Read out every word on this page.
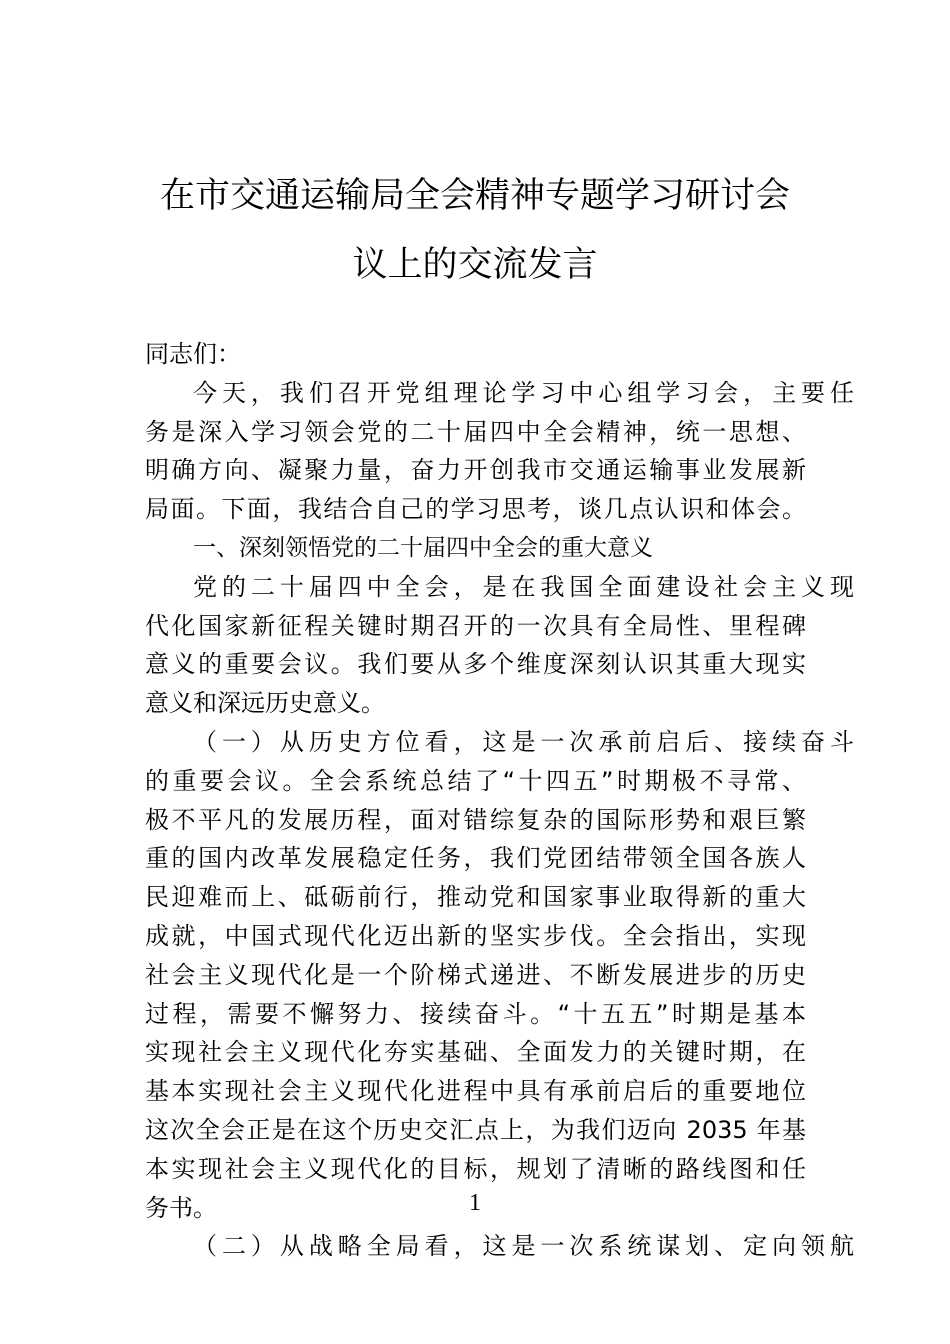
在市交通运输局全会精神专题学习研讨会
议上的交流发言
同志们：
今天，我们召开党组理论学习中心组学习会，主要任
务是深入学习领会党的二十届四中全会精神，统一思想、
明确方向、凝聚力量，奋力开创我市交通运输事业发展新
局面。下面，我结合自己的学习思考，谈几点认识和体会。
一、深刻领悟党的二十届四中全会的重大意义
党的二十届四中全会，是在我国全面建设社会主义现
代化国家新征程关键时期召开的一次具有全局性、里程碑
意义的重要会议。我们要从多个维度深刻认识其重大现实
意义和深远历史意义。
（一）从历史方位看，这是一次承前启后、接续奋斗
的重要会议。全会系统总结了“十四五”时期极不寻常、
极不平凡的发展历程，面对错综复杂的国际形势和艰巨繁
重的国内改革发展稳定任务，我们党团结带领全国各族人
民迎难而上、砥砺前行，推动党和国家事业取得新的重大
成就，中国式现代化迈出新的坚实步伐。全会指出，实现
社会主义现代化是一个阶梯式递进、不断发展进步的历史
过程，需要不懈努力、接续奋斗。“十五五”时期是基本
实现社会主义现代化夯实基础、全面发力的关键时期，在
基本实现社会主义现代化进程中具有承前启后的重要地位
这次全会正是在这个历史交汇点上，为我们迈向 2035 年基
本实现社会主义现代化的目标，规划了清晰的路线图和任
务书。
（二）从战略全局看，这是一次系统谋划、定向领航
1
